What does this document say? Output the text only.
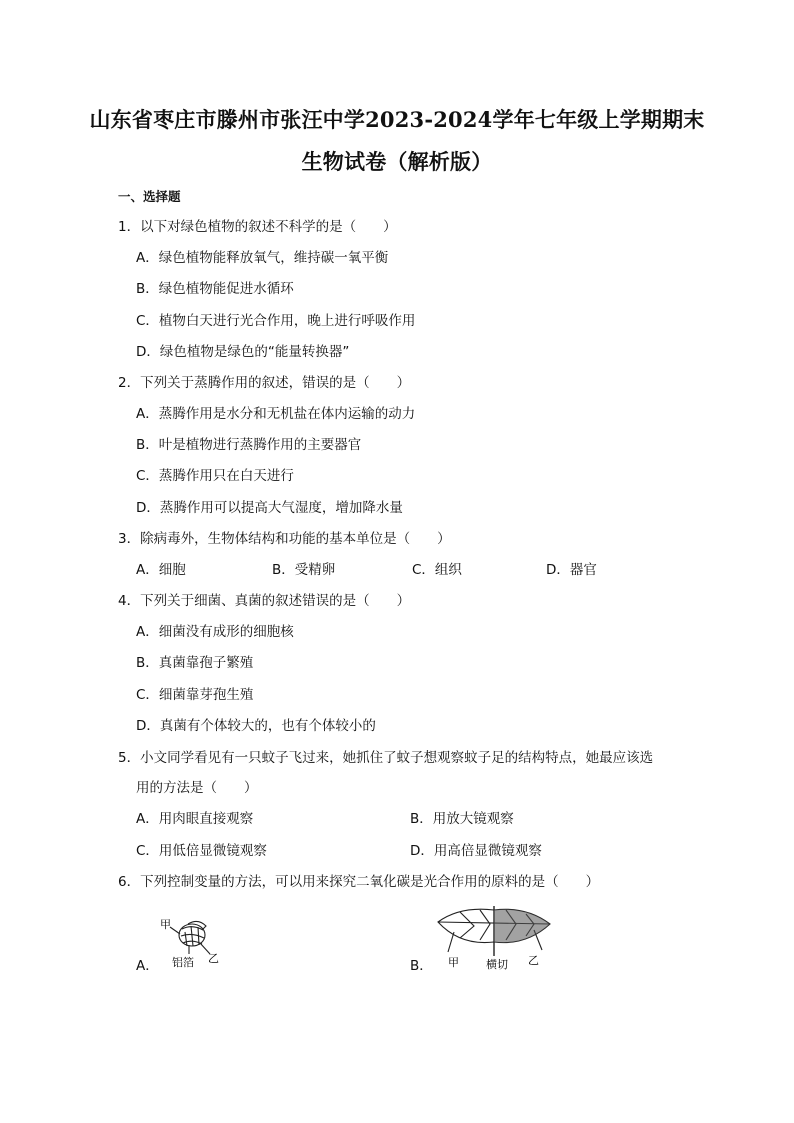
山东省枣庄市滕州市张汪中学2023-2024学年七年级上学期期末
生物试卷（解析版）
一、选择题
1．以下对绿色植物的叙述不科学的是（　　）
A．绿色植物能释放氧气，维持碳一氧平衡
B．绿色植物能促进水循环
C．植物白天进行光合作用，晚上进行呼吸作用
D．绿色植物是绿色的“能量转换器”
2．下列关于蒸腾作用的叙述，错误的是（　　）
A．蒸腾作用是水分和无机盐在体内运输的动力
B．叶是植物进行蒸腾作用的主要器官
C．蒸腾作用只在白天进行
D．蒸腾作用可以提高大气湿度，增加降水量
3．除病毒外，生物体结构和功能的基本单位是（　　）
A．细胞	B．受精卵	C．组织	D．器官
4．下列关于细菌、真菌的叙述错误的是（　　）
A．细菌没有成形的细胞核
B．真菌靠孢子繁殖
C．细菌靠芽孢生殖
D．真菌有个体较大的，也有个体较小的
5．小文同学看见有一只蚊子飞过来，她抓住了蚊子想观察蚊子足的结构特点，她最应该选
用的方法是（　　）
A．用肉眼直接观察	B．用放大镜观察
C．用低倍显微镜观察	D．用高倍显微镜观察
6．下列控制变量的方法，可以用来探究二氧化碳是光合作用的原料的是（　　）
A．
甲
铝箔 乙	B． 甲 横切 乙
